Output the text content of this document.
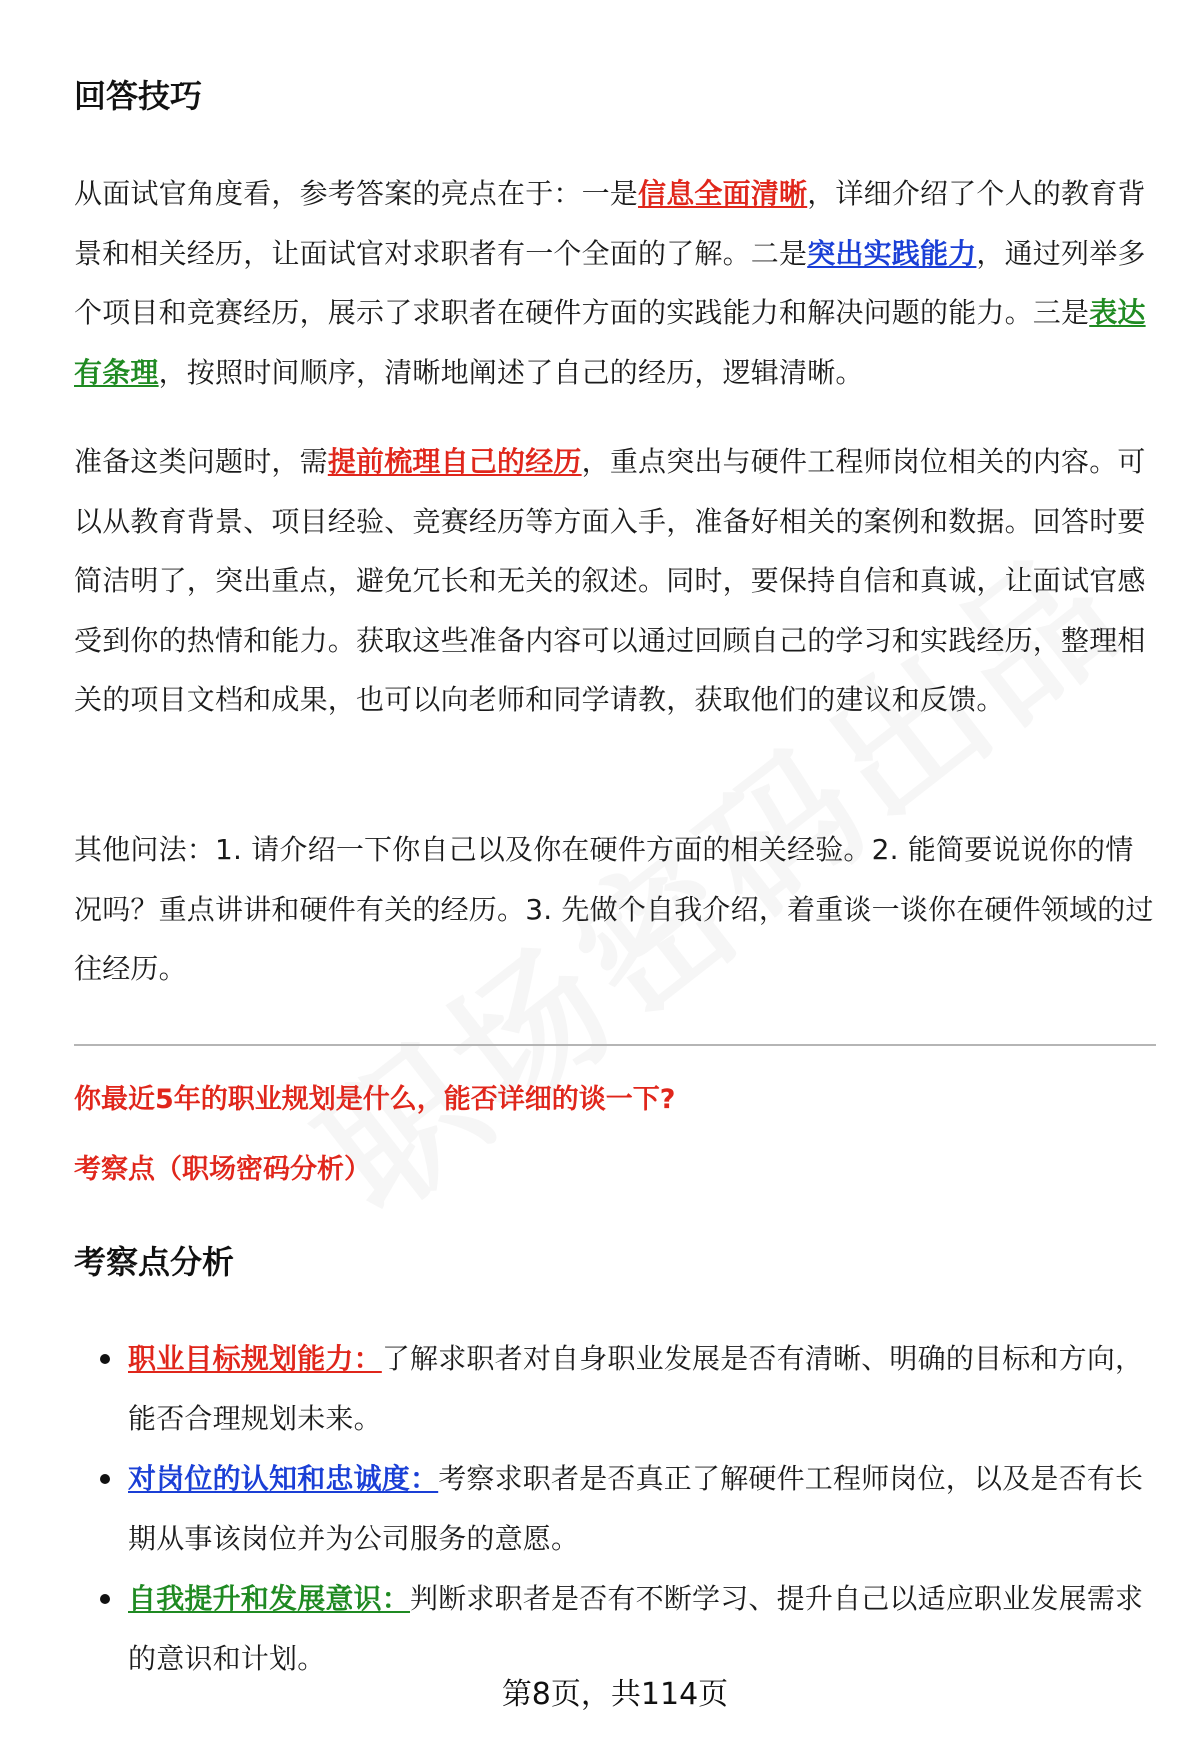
回答技巧

从面试官角度看，参考答案的亮点在于：一是信息全面清晰，详细介绍了个人的教育背景和相关经历，让面试官对求职者有一个全面的了解。二是突出实践能力，通过列举多个项目和竞赛经历，展示了求职者在硬件方面的实践能力和解决问题的能力。三是表达有条理，按照时间顺序，清晰地阐述了自己的经历，逻辑清晰。

准备这类问题时，需提前梳理自己的经历，重点突出与硬件工程师岗位相关的内容。可以从教育背景、项目经验、竞赛经历等方面入手，准备好相关的案例和数据。回答时要简洁明了，突出重点，避免冗长和无关的叙述。同时，要保持自信和真诚，让面试官感受到你的热情和能力。获取这些准备内容可以通过回顾自己的学习和实践经历，整理相关的项目文档和成果，也可以向老师和同学请教，获取他们的建议和反馈。

其他问法：1. 请介绍一下你自己以及你在硬件方面的相关经验。2. 能简要说说你的情况吗？重点讲讲和硬件有关的经历。3. 先做个自我介绍，着重谈一谈你在硬件领域的过往经历。

你最近5年的职业规划是什么，能否详细的谈一下?

考察点（职场密码分析）

考察点分析
职业目标规划能力：了解求职者对自身职业发展是否有清晰、明确的目标和方向，能否合理规划未来。
对岗位的认知和忠诚度：考察求职者是否真正了解硬件工程师岗位，以及是否有长期从事该岗位并为公司服务的意愿。
自我提升和发展意识：判断求职者是否有不断学习、提升自己以适应职业发展需求的意识和计划。
第8页，共114页
